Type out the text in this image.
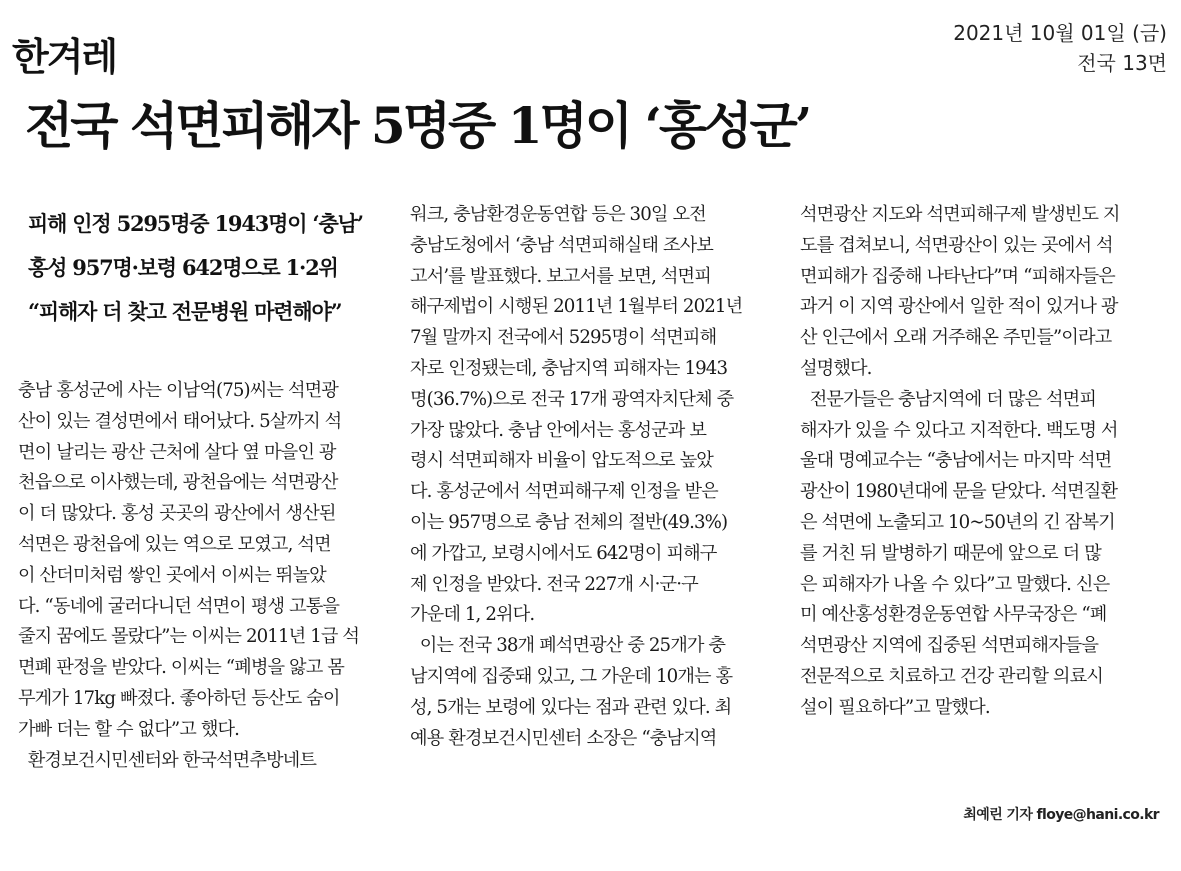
한겨레
2021년 10월 01일 (금)
전국 13면
전국 석면피해자 5명중 1명이 ‘홍성군’
피해 인정 5295명중 1943명이 ‘충남’
홍성 957명·보령 642명으로 1·2위
“피해자 더 찾고 전문병원 마련해야”
충남 홍성군에 사는 이남억(75)씨는 석면광
산이 있는 결성면에서 태어났다. 5살까지 석
면이 날리는 광산 근처에 살다 옆 마을인 광
천읍으로 이사했는데, 광천읍에는 석면광산
이 더 많았다. 홍성 곳곳의 광산에서 생산된
석면은 광천읍에 있는 역으로 모였고, 석면
이 산더미처럼 쌓인 곳에서 이씨는 뛰놀았
다. “동네에 굴러다니던 석면이 평생 고통을
줄지 꿈에도 몰랐다”는 이씨는 2011년 1급 석
면폐 판정을 받았다. 이씨는 “폐병을 앓고 몸
무게가 17kg 빠졌다. 좋아하던 등산도 숨이
가빠 더는 할 수 없다”고 했다.
환경보건시민센터와 한국석면추방네트
워크, 충남환경운동연합 등은 30일 오전
충남도청에서 ‘충남 석면피해실태 조사보
고서’를 발표했다. 보고서를 보면, 석면피
해구제법이 시행된 2011년 1월부터 2021년
7월 말까지 전국에서 5295명이 석면피해
자로 인정됐는데, 충남지역 피해자는 1943
명(36.7%)으로 전국 17개 광역자치단체 중
가장 많았다. 충남 안에서는 홍성군과 보
령시 석면피해자 비율이 압도적으로 높았
다. 홍성군에서 석면피해구제 인정을 받은
이는 957명으로 충남 전체의 절반(49.3%)
에 가깝고, 보령시에서도 642명이 피해구
제 인정을 받았다. 전국 227개 시·군·구
가운데 1, 2위다.
이는 전국 38개 폐석면광산 중 25개가 충
남지역에 집중돼 있고, 그 가운데 10개는 홍
성, 5개는 보령에 있다는 점과 관련 있다. 최
예용 환경보건시민센터 소장은 “충남지역
석면광산 지도와 석면피해구제 발생빈도 지
도를 겹쳐보니, 석면광산이 있는 곳에서 석
면피해가 집중해 나타난다”며 “피해자들은
과거 이 지역 광산에서 일한 적이 있거나 광
산 인근에서 오래 거주해온 주민들”이라고
설명했다.
전문가들은 충남지역에 더 많은 석면피
해자가 있을 수 있다고 지적한다. 백도명 서
울대 명예교수는 “충남에서는 마지막 석면
광산이 1980년대에 문을 닫았다. 석면질환
은 석면에 노출되고 10~50년의 긴 잠복기
를 거친 뒤 발병하기 때문에 앞으로 더 많
은 피해자가 나올 수 있다”고 말했다. 신은
미 예산홍성환경운동연합 사무국장은 “폐
석면광산 지역에 집중된 석면피해자들을
전문적으로 치료하고 건강 관리할 의료시
설이 필요하다”고 말했다.
최예린 기자 floye@hani.co.kr
